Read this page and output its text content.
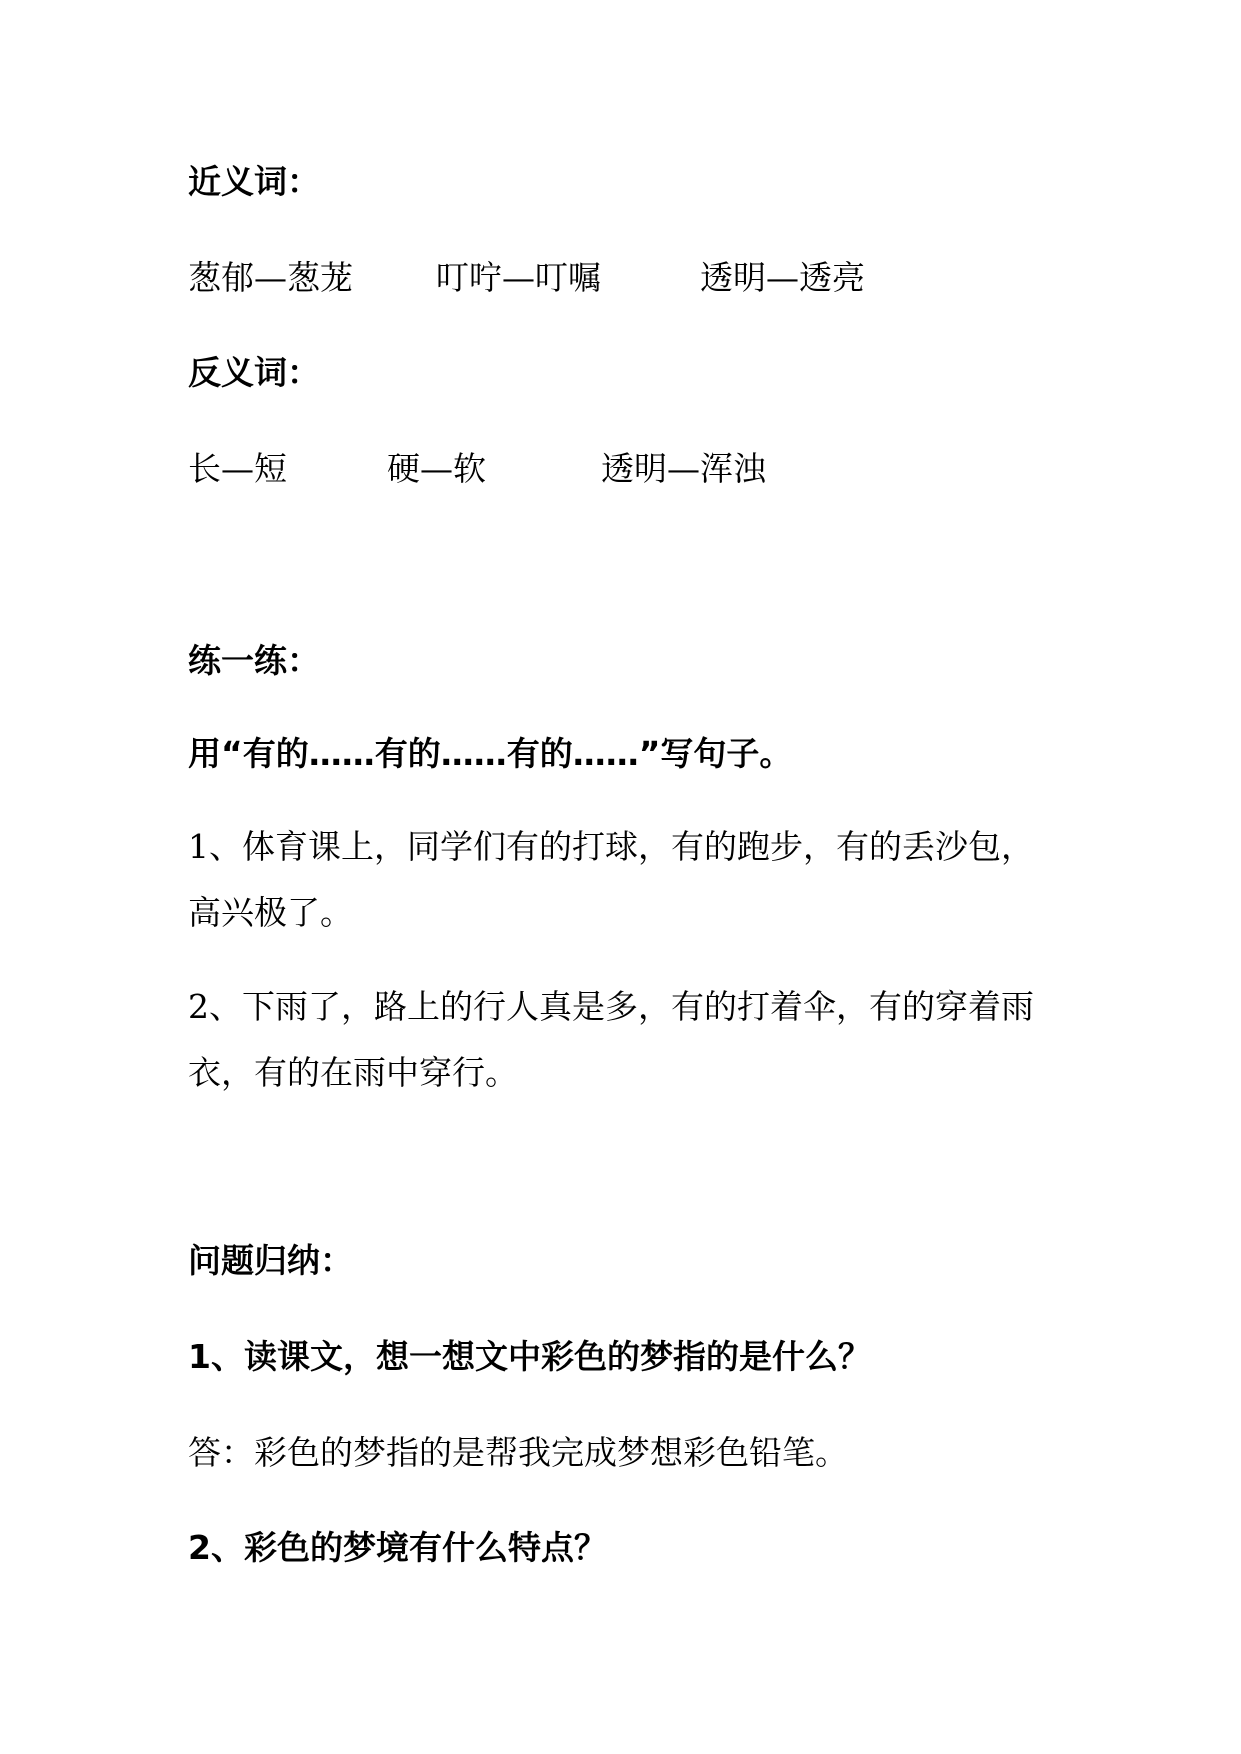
近义词：
葱郁—葱茏	叮咛—叮嘱	透明—透亮
反义词：
长—短	硬—软	透明—浑浊
练一练：
用“有的……有的……有的……”写句子。
1、体育课上，同学们有的打球，有的跑步，有的丢沙包，
高兴极了。
2、下雨了，路上的行人真是多，有的打着伞，有的穿着雨
衣，有的在雨中穿行。
问题归纳：
1、读课文，想一想文中彩色的梦指的是什么？
答：彩色的梦指的是帮我完成梦想彩色铅笔。
2、彩色的梦境有什么特点？
